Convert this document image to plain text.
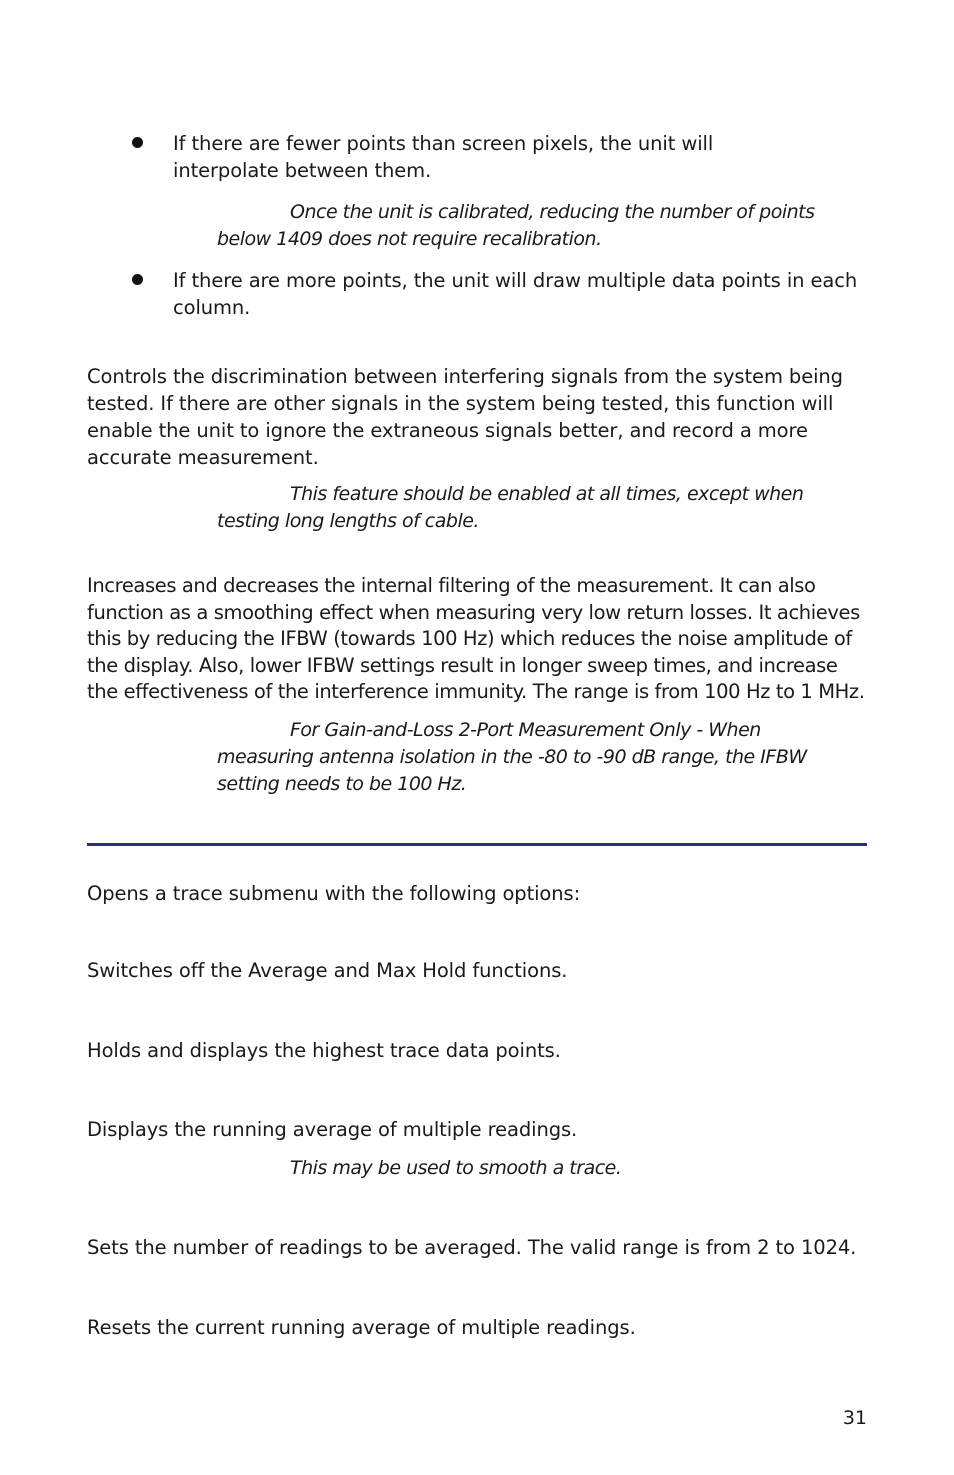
If there are fewer points than screen pixels, the unit will interpolate between them.

Once the unit is calibrated, reducing the number of points below 1409 does not require recalibration.

If there are more points, the unit will draw multiple data points in each column.

Controls the discrimination between interfering signals from the system being tested. If there are other signals in the system being tested, this function will enable the unit to ignore the extraneous signals better, and record a more accurate measurement.

This feature should be enabled at all times, except when testing long lengths of cable.

Increases and decreases the internal filtering of the measurement. It can also function as a smoothing effect when measuring very low return losses. It achieves this by reducing the IFBW (towards 100 Hz) which reduces the noise amplitude of the display. Also, lower IFBW settings result in longer sweep times, and increase the effectiveness of the interference immunity. The range is from 100 Hz to 1 MHz.

For Gain-and-Loss 2-Port Measurement Only - When measuring antenna isolation in the -80 to -90 dB range, the IFBW setting needs to be 100 Hz.

Opens a trace submenu with the following options:

Switches off the Average and Max Hold functions.

Holds and displays the highest trace data points.

Displays the running average of multiple readings.

This may be used to smooth a trace.

Sets the number of readings to be averaged. The valid range is from 2 to 1024.

Resets the current running average of multiple readings.

31
